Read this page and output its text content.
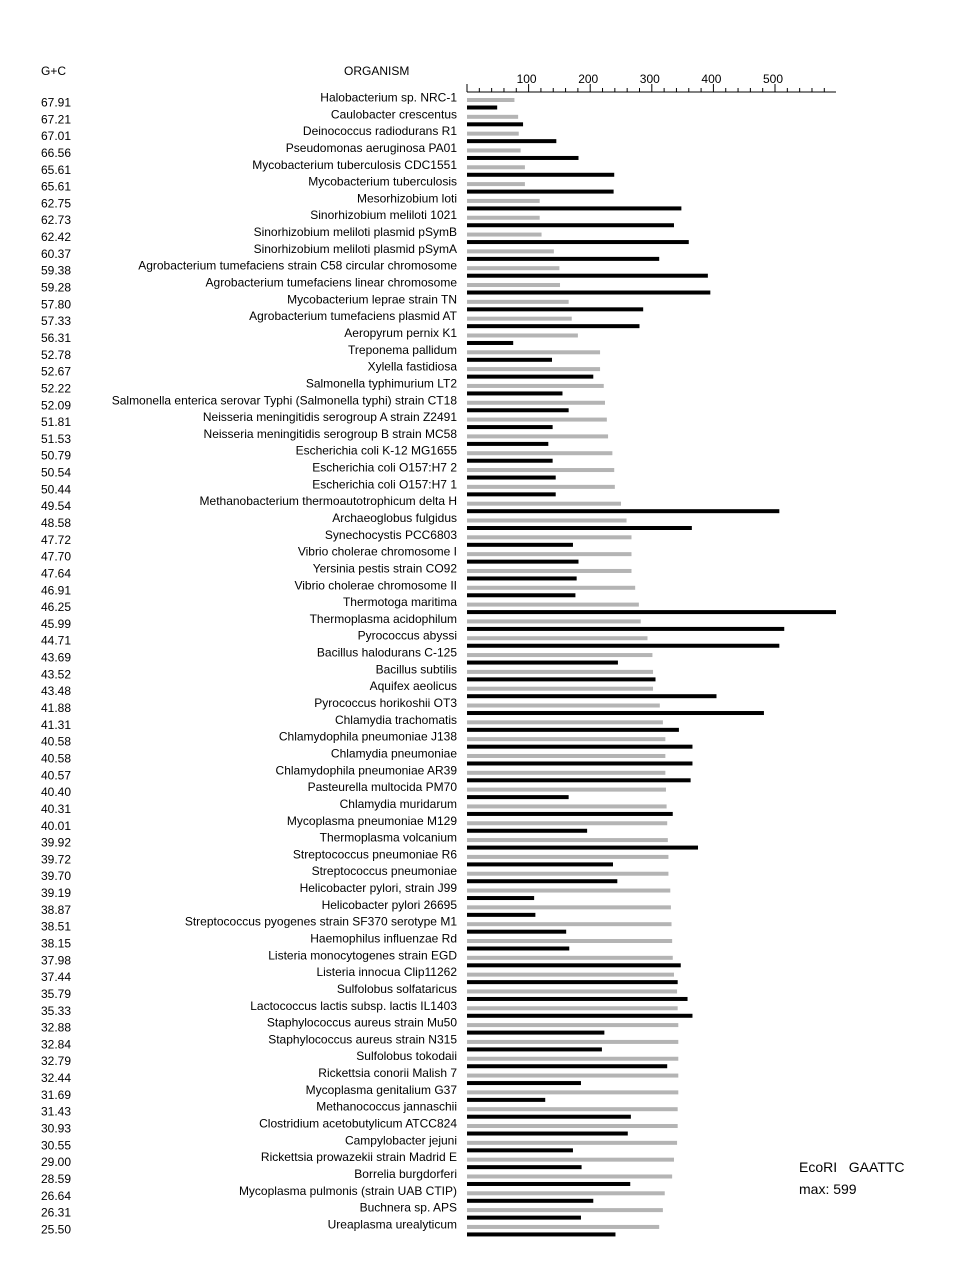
G+C	ORGANISM
100	200	300	400	500
67.91	Halobacterium sp. NRC-1
67.21	Caulobacter crescentus
67.01	Deinococcus radiodurans R1
66.56	Pseudomonas aeruginosa PA01
65.61	Mycobacterium tuberculosis CDC1551
65.61	Mycobacterium tuberculosis
62.75	Mesorhizobium loti
62.73	Sinorhizobium meliloti 1021
62.42	Sinorhizobium meliloti plasmid pSymB
60.37	Sinorhizobium meliloti plasmid pSymA
59.38	Agrobacterium tumefaciens strain C58 circular chromosome
59.28	Agrobacterium tumefaciens linear chromosome
57.80	Mycobacterium leprae strain TN
57.33	Agrobacterium tumefaciens plasmid AT
56.31	Aeropyrum pernix K1
52.78	Treponema pallidum
52.67	Xylella fastidiosa
52.22	Salmonella typhimurium LT2
52.09	Salmonella enterica serovar Typhi (Salmonella typhi) strain CT18
51.81	Neisseria meningitidis serogroup A strain Z2491
51.53	Neisseria meningitidis serogroup B strain MC58
50.79	Escherichia coli K-12 MG1655
50.54	Escherichia coli O157:H7 2
50.44	Escherichia coli O157:H7 1
49.54	Methanobacterium thermoautotrophicum delta H
48.58	Archaeoglobus fulgidus
47.72	Synechocystis PCC6803
47.70	Vibrio cholerae chromosome I
47.64	Yersinia pestis strain CO92
46.91	Vibrio cholerae chromosome II
46.25	Thermotoga maritima
45.99	Thermoplasma acidophilum
44.71	Pyrococcus abyssi
43.69	Bacillus halodurans C-125
43.52	Bacillus subtilis
43.48	Aquifex aeolicus
41.88	Pyrococcus horikoshii OT3
41.31	Chlamydia trachomatis
40.58	Chlamydophila pneumoniae J138
40.58	Chlamydia pneumoniae
40.57	Chlamydophila pneumoniae AR39
40.40	Pasteurella multocida PM70
40.31	Chlamydia muridarum
40.01	Mycoplasma pneumoniae M129
39.92	Thermoplasma volcanium
39.72	Streptococcus pneumoniae R6
39.70	Streptococcus pneumoniae
39.19	Helicobacter pylori, strain J99
38.87	Helicobacter pylori 26695
38.51	Streptococcus pyogenes strain SF370 serotype M1
38.15	Haemophilus influenzae Rd
37.98	Listeria monocytogenes strain EGD
37.44	Listeria innocua Clip11262
35.79	Sulfolobus solfataricus
35.33	Lactococcus lactis subsp. lactis IL1403
32.88	Staphylococcus aureus strain Mu50
32.84	Staphylococcus aureus strain N315
32.79	Sulfolobus tokodaii
32.44	Rickettsia conorii Malish 7
31.69	Mycoplasma genitalium G37
31.43	Methanococcus jannaschii
30.93	Clostridium acetobutylicum ATCC824
30.55	Campylobacter jejuni
29.00	Rickettsia prowazekii strain Madrid E
28.59	Borrelia burgdorferi
26.64	Mycoplasma pulmonis (strain UAB CTIP)
26.31	Buchnera sp. APS
25.50	Ureaplasma urealyticum
EcoRI GAATTC
max: 599
